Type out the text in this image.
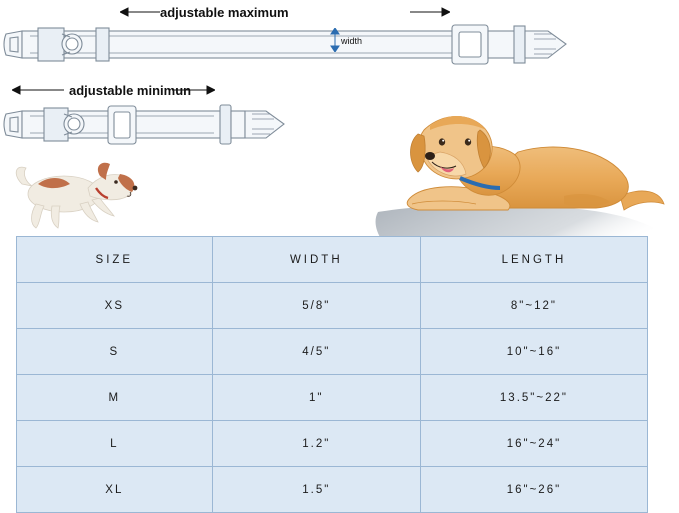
adjustable maximum
width
adjustable minimun
SIZE	WIDTH	LENGTH
XS	5/8"	8"~12"
S	4/5"	10"~16"
M	1"	13.5"~22"
L	1.2"	16"~24"
XL	1.5"	16"~26"
